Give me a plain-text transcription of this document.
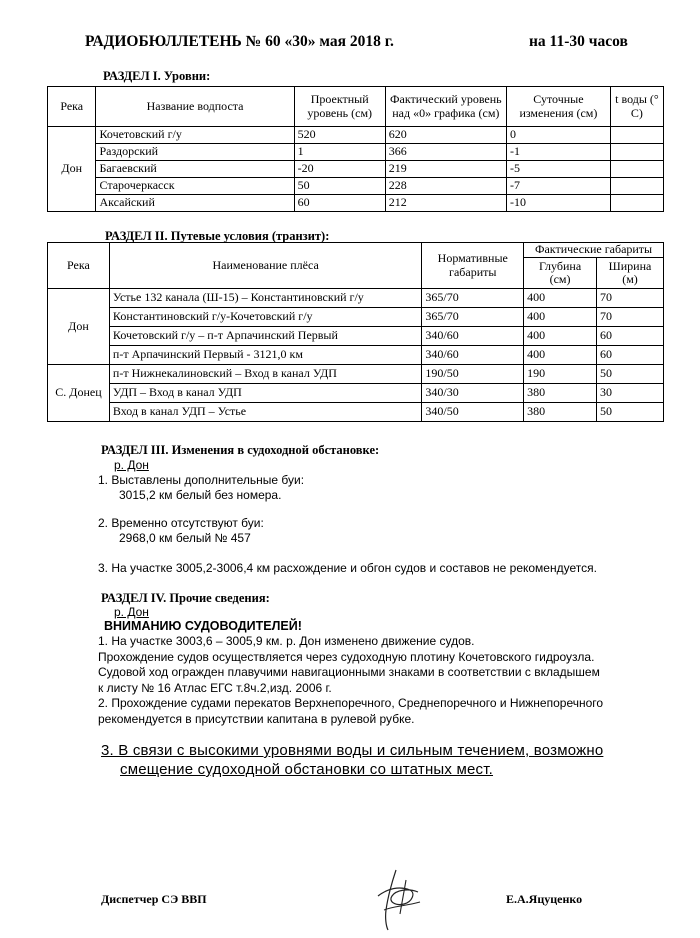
РАДИОБЮЛЛЕТЕНЬ № 60 «30» мая 2018 г.	на 11-30 часов
РАЗДЕЛ I. Уровни:
Река	Название водпоста	Проектный уровень (см)	Фактический уровень над «0» графика (см)	Суточные изменения (см)	t воды (° С)
Дон	Кочетовский г/у	520	620	0	
	Раздорский	1	366	-1	
	Багаевский	-20	219	-5	
	Старочеркасск	50	228	-7	
	Аксайский	60	212	-10	
РАЗДЕЛ II. Путевые условия (транзит):
Река	Наименование плёса	Нормативные габариты	Фактические габариты	
			Глубина (см)	Ширина (м)
Дон	Устье 132 канала (Ш-15) – Константиновский г/у	365/70	400	70
	Константиновский г/у-Кочетовский г/у	365/70	400	70
	Кочетовский г/у – п-т Арпачинский Первый	340/60	400	60
	п-т Арпачинский Первый - 3121,0 км	340/60	400	60
С. Донец	п-т Нижнекалиновский – Вход в канал УДП	190/50	190	50
	УДП – Вход в канал УДП	340/30	380	30
	Вход в канал УДП – Устье	340/50	380	50
РАЗДЕЛ III. Изменения в судоходной обстановке:
р. Дон
1. Выставлены дополнительные буи:
3015,2 км белый без номера.
2. Временно отсутствуют буи:
2968,0 км белый № 457
3. На участке 3005,2-3006,4 км расхождение и обгон судов и составов не рекомендуется.
РАЗДЕЛ IV. Прочие сведения:
р. Дон
ВНИМАНИЮ СУДОВОДИТЕЛЕЙ!
1. На участке 3003,6 – 3005,9 км. р. Дон изменено движение судов.
Прохождение судов осуществляется через судоходную плотину Кочетовского гидроузла.
Судовой ход огражден плавучими навигационными знаками в соответствии с вкладышем
к листу № 16 Атлас ЕГС т.8ч.2,изд. 2006 г.
2. Прохождение судами перекатов Верхнепоречного, Среднепоречного и Нижнепоречного
рекомендуется в присутствии капитана в рулевой рубке.
3. В связи с высокими уровнями воды и сильным течением, возможно
смещение судоходной обстановки со штатных мест.
Диспетчер СЭ ВВП	Е.А.Яцуценко
